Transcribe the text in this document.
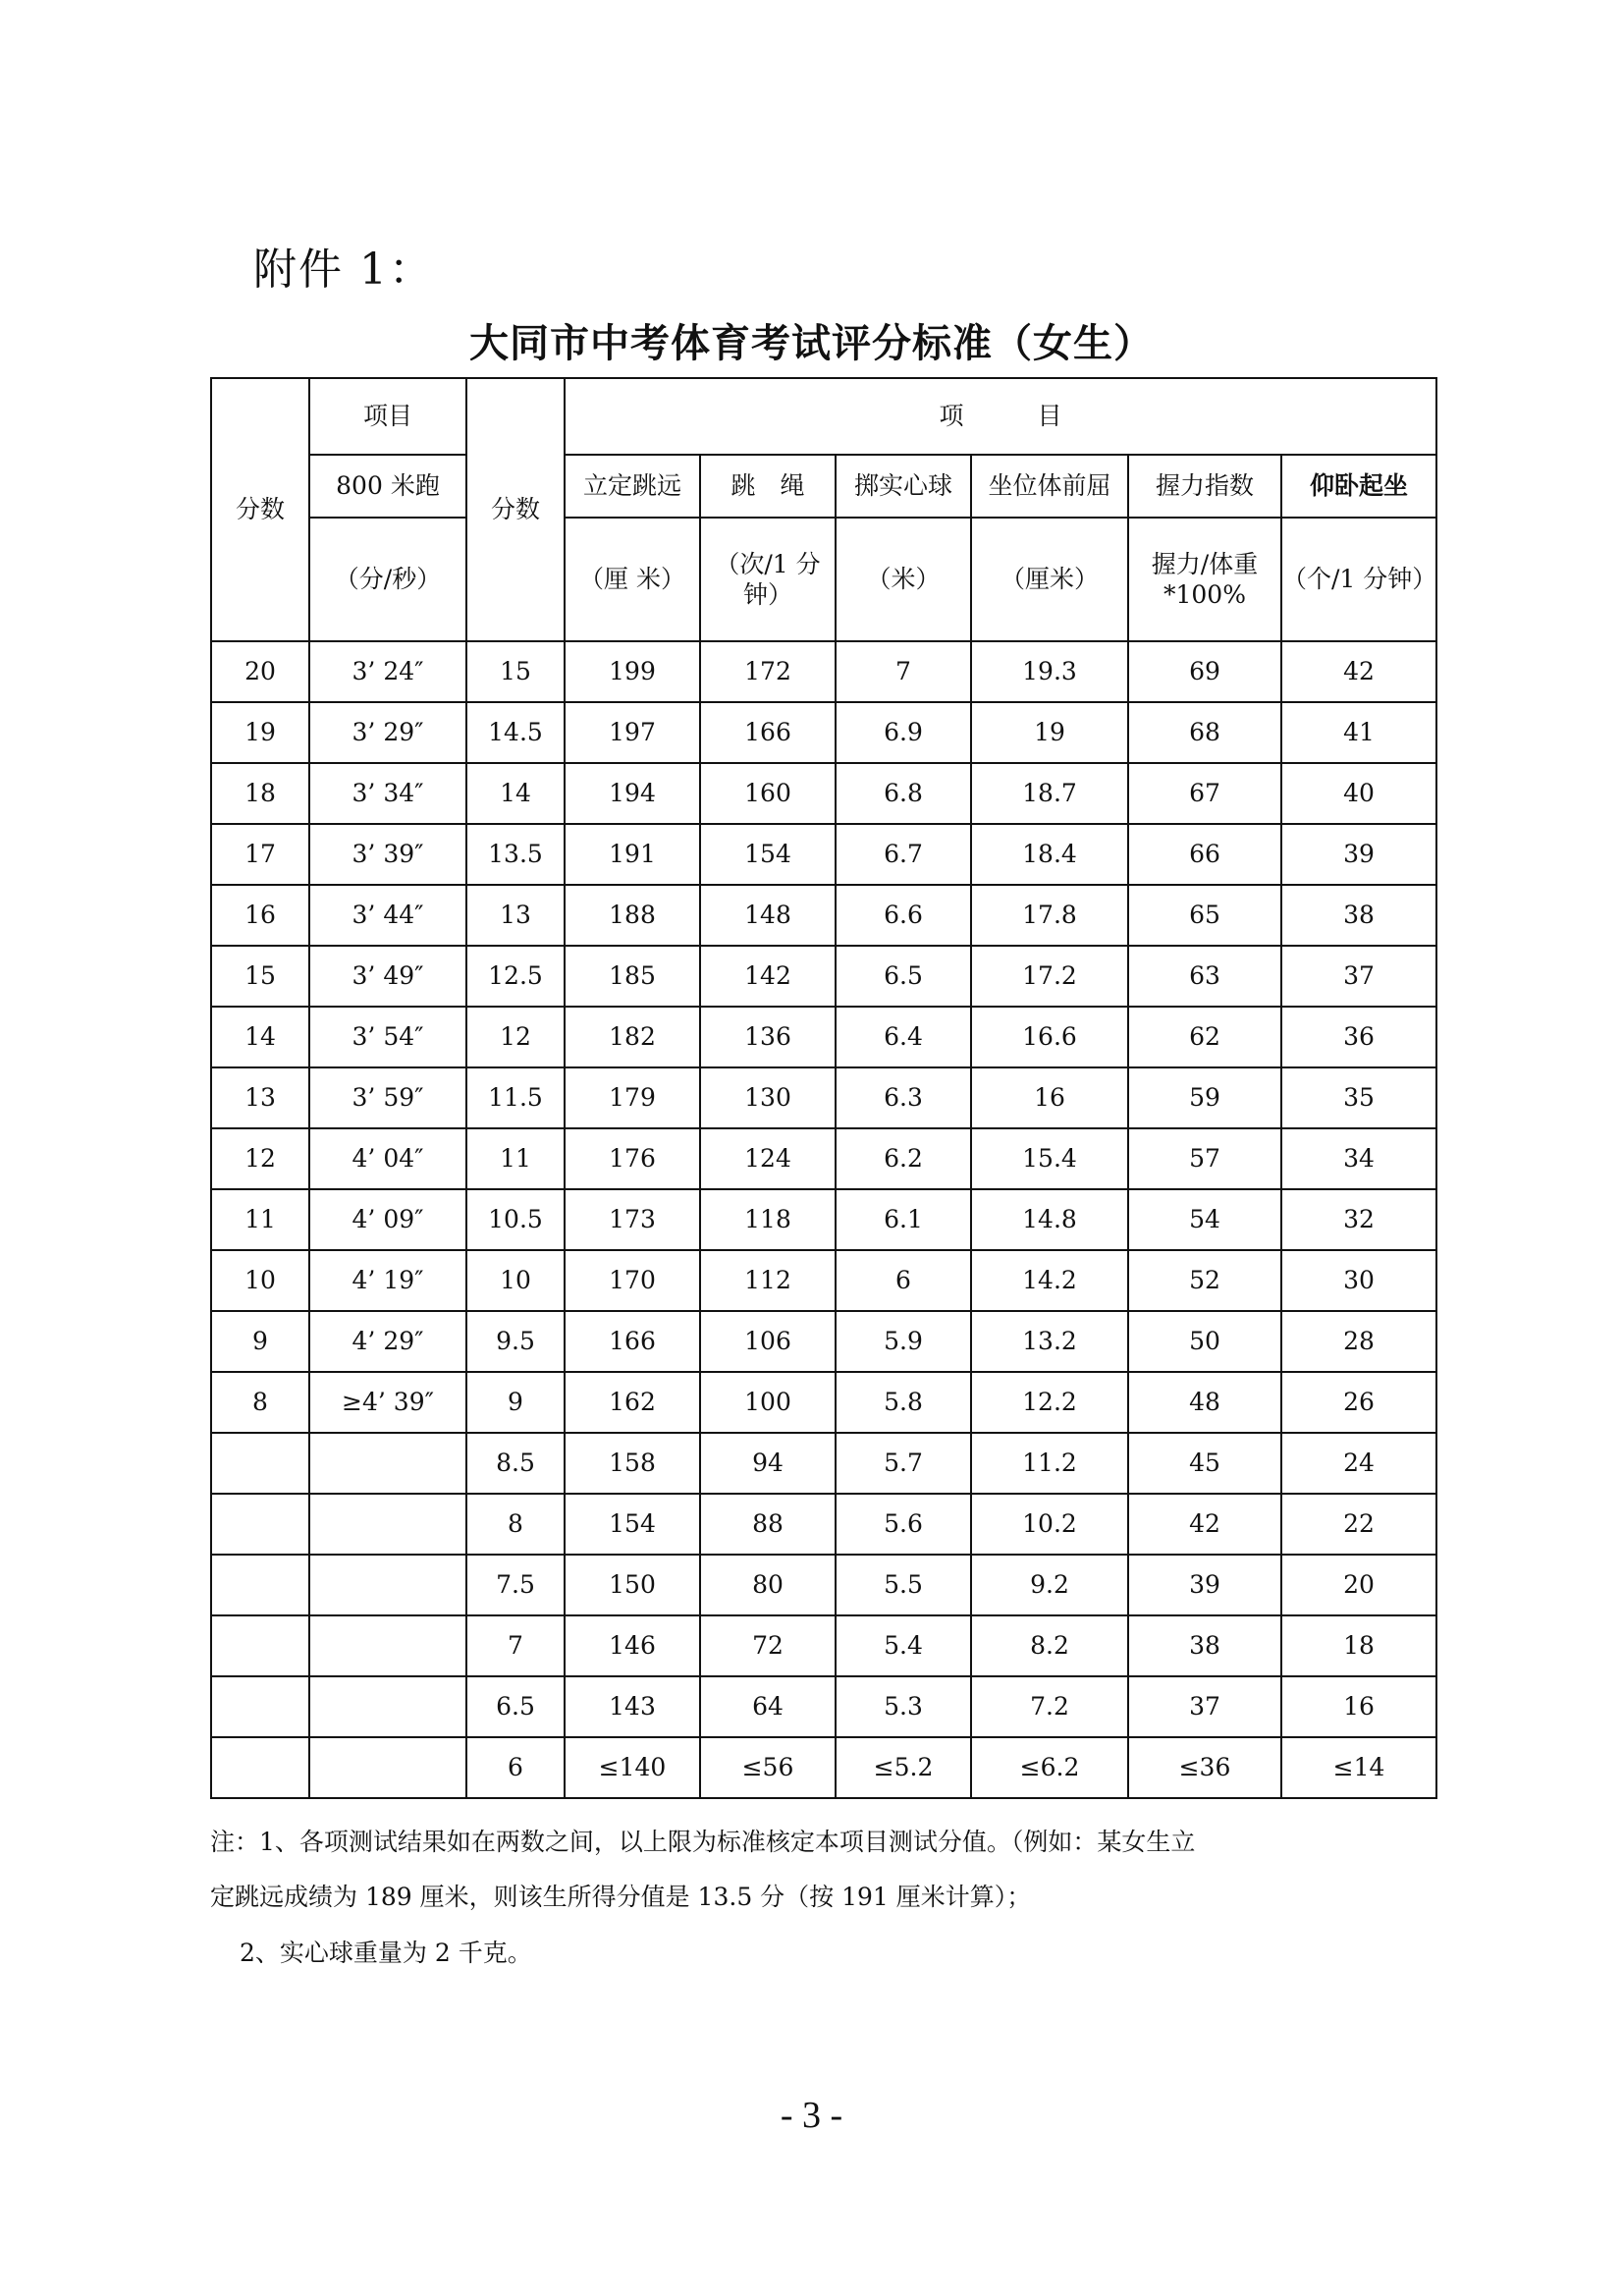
附件 1：
大同市中考体育考试评分标准（女生）
分数	项目	分数	项　　　目					
	800 米跑		立定跳远	跳　绳	掷实心球	坐位体前屈	握力指数	仰卧起坐
	（分/秒）		（厘 米）	（次/1 分钟）	（米）	（厘米）	握力/体重 *100%	（个/1 分钟）
20	3’ 24″	15	199	172	7	19.3	69	42
19	3’ 29″	14.5	197	166	6.9	19	68	41
18	3’ 34″	14	194	160	6.8	18.7	67	40
17	3’ 39″	13.5	191	154	6.7	18.4	66	39
16	3’ 44″	13	188	148	6.6	17.8	65	38
15	3’ 49″	12.5	185	142	6.5	17.2	63	37
14	3’ 54″	12	182	136	6.4	16.6	62	36
13	3’ 59″	11.5	179	130	6.3	16	59	35
12	4’ 04″	11	176	124	6.2	15.4	57	34
11	4’ 09″	10.5	173	118	6.1	14.8	54	32
10	4’ 19″	10	170	112	6	14.2	52	30
9	4’ 29″	9.5	166	106	5.9	13.2	50	28
8	≥4’ 39″	9	162	100	5.8	12.2	48	26
		8.5	158	94	5.7	11.2	45	24
		8	154	88	5.6	10.2	42	22
		7.5	150	80	5.5	9.2	39	20
		7	146	72	5.4	8.2	38	18
		6.5	143	64	5.3	7.2	37	16
		6	≤140	≤56	≤5.2	≤6.2	≤36	≤14
注：1、各项测试结果如在两数之间，以上限为标准核定本项目测试分值。（例如：某女生立
定跳远成绩为 189 厘米，则该生所得分值是 13.5 分（按 191 厘米计算）；
2、实心球重量为 2 千克。
- 3 -
